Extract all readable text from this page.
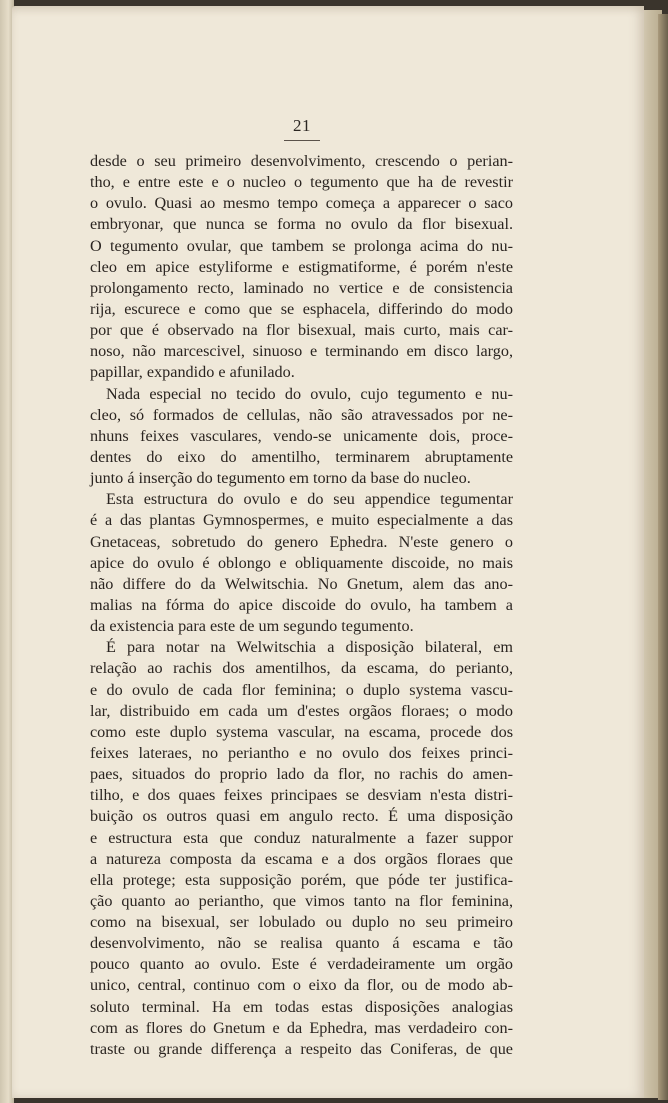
21
desde o seu primeiro desenvolvimento, crescendo o perian-
tho, e entre este e o nucleo o tegumento que ha de revestir
o ovulo. Quasi ao mesmo tempo começa a apparecer o saco
embryonar, que nunca se forma no ovulo da flor bisexual.
O tegumento ovular, que tambem se prolonga acima do nu-
cleo em apice estyliforme e estigmatiforme, é porém n'este
prolongamento recto, laminado no vertice e de consistencia
rija, escurece e como que se esphacela, differindo do modo
por que é observado na flor bisexual, mais curto, mais car-
noso, não marcescivel, sinuoso e terminando em disco largo,
papillar, expandido e afunilado.
Nada especial no tecido do ovulo, cujo tegumento e nu-
cleo, só formados de cellulas, não são atravessados por ne-
nhuns feixes vasculares, vendo-se unicamente dois, proce-
dentes do eixo do amentilho, terminarem abruptamente
junto á inserção do tegumento em torno da base do nucleo.
Esta estructura do ovulo e do seu appendice tegumentar
é a das plantas Gymnospermes, e muito especialmente a das
Gnetaceas, sobretudo do genero Ephedra. N'este genero o
apice do ovulo é oblongo e obliquamente discoide, no mais
não differe do da Welwitschia. No Gnetum, alem das ano-
malias na fórma do apice discoide do ovulo, ha tambem a
da existencia para este de um segundo tegumento.
É para notar na Welwitschia a disposição bilateral, em
relação ao rachis dos amentilhos, da escama, do perianto,
e do ovulo de cada flor feminina; o duplo systema vascu-
lar, distribuido em cada um d'estes orgãos floraes; o modo
como este duplo systema vascular, na escama, procede dos
feixes lateraes, no periantho e no ovulo dos feixes princi-
paes, situados do proprio lado da flor, no rachis do amen-
tilho, e dos quaes feixes principaes se desviam n'esta distri-
buição os outros quasi em angulo recto. É uma disposição
e estructura esta que conduz naturalmente a fazer suppor
a natureza composta da escama e a dos orgãos floraes que
ella protege; esta supposição porém, que póde ter justifica-
ção quanto ao periantho, que vimos tanto na flor feminina,
como na bisexual, ser lobulado ou duplo no seu primeiro
desenvolvimento, não se realisa quanto á escama e tão
pouco quanto ao ovulo. Este é verdadeiramente um orgão
unico, central, continuo com o eixo da flor, ou de modo ab-
soluto terminal. Ha em todas estas disposições analogias
com as flores do Gnetum e da Ephedra, mas verdadeiro con-
traste ou grande differença a respeito das Coniferas, de que
